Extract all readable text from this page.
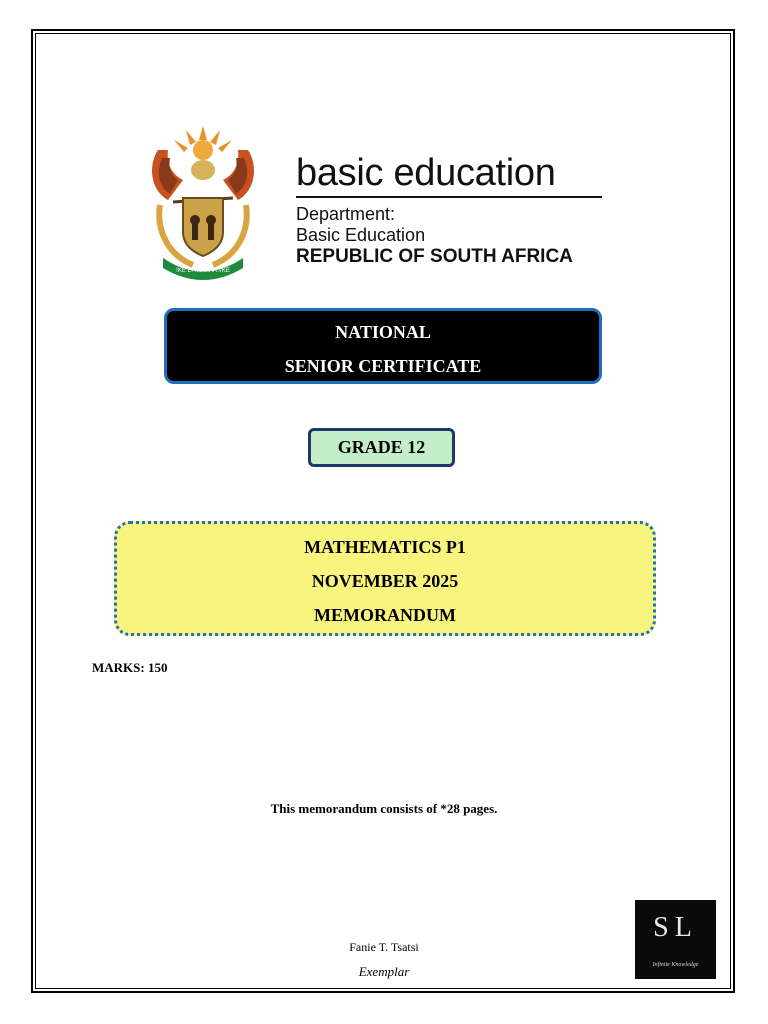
!KE E: /XARRA //KE
basic education
Department:
Basic Education
REPUBLIC OF SOUTH AFRICA
NATIONAL
SENIOR CERTIFICATE
GRADE 12
MATHEMATICS P1
NOVEMBER 2025
MEMORANDUM
MARKS: 150
This memorandum consists of *28 pages.
Fanie T. Tsatsi
Exemplar
SL
Infinite Knowledge
